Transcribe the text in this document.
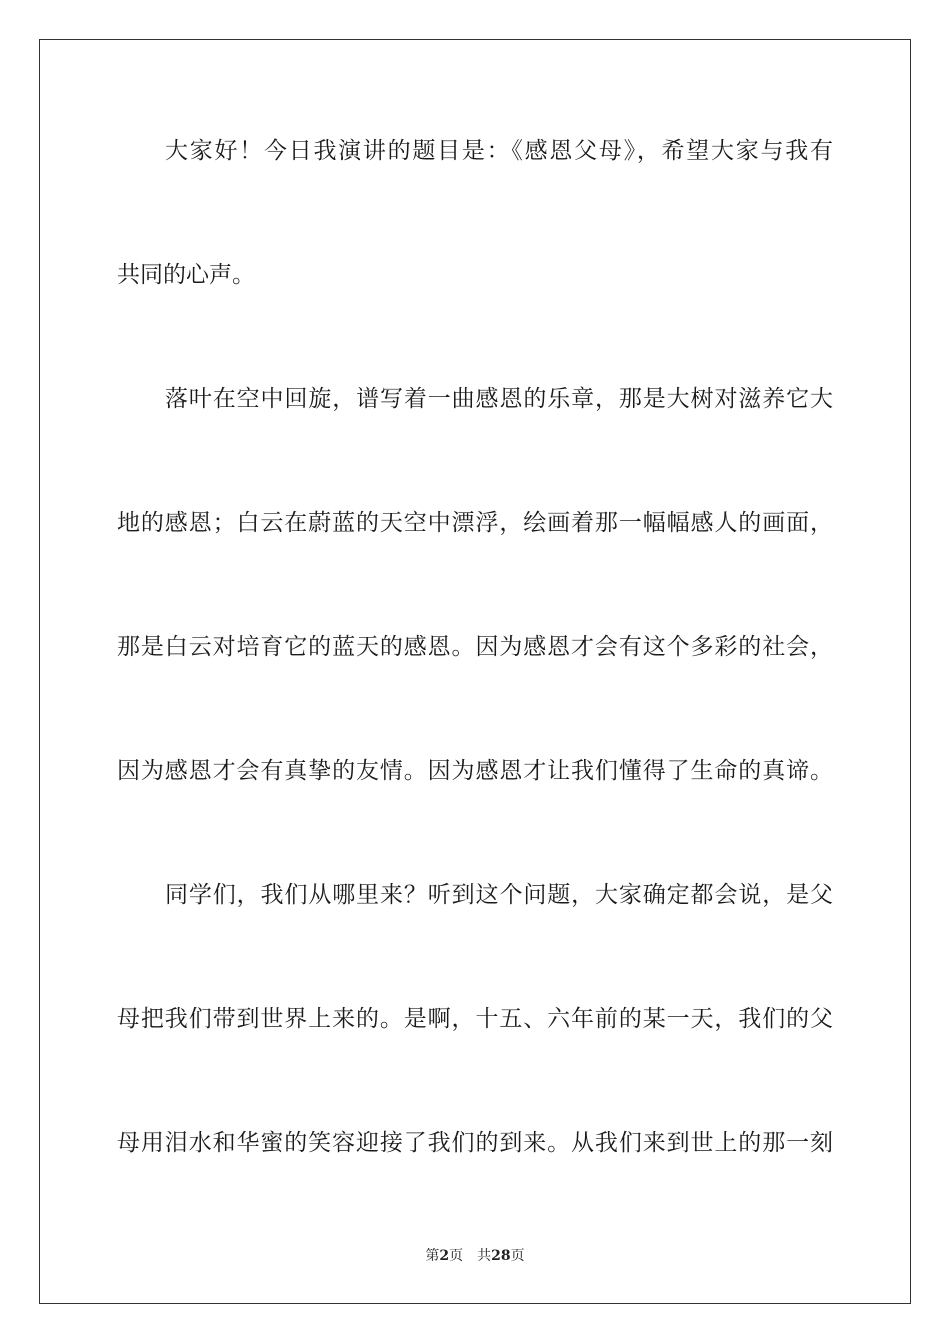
大家好！今日我演讲的题目是：《感恩父母》，希望大家与我有
共同的心声。
落叶在空中回旋，谱写着一曲感恩的乐章，那是大树对滋养它大
地的感恩；白云在蔚蓝的天空中漂浮，绘画着那一幅幅感人的画面，
那是白云对培育它的蓝天的感恩。因为感恩才会有这个多彩的社会，
因为感恩才会有真挚的友情。因为感恩才让我们懂得了生命的真谛。
同学们，我们从哪里来？听到这个问题，大家确定都会说，是父
母把我们带到世界上来的。是啊，十五、六年前的某一天，我们的父
母用泪水和华蜜的笑容迎接了我们的到来。从我们来到世上的那一刻
第2页 共28页
